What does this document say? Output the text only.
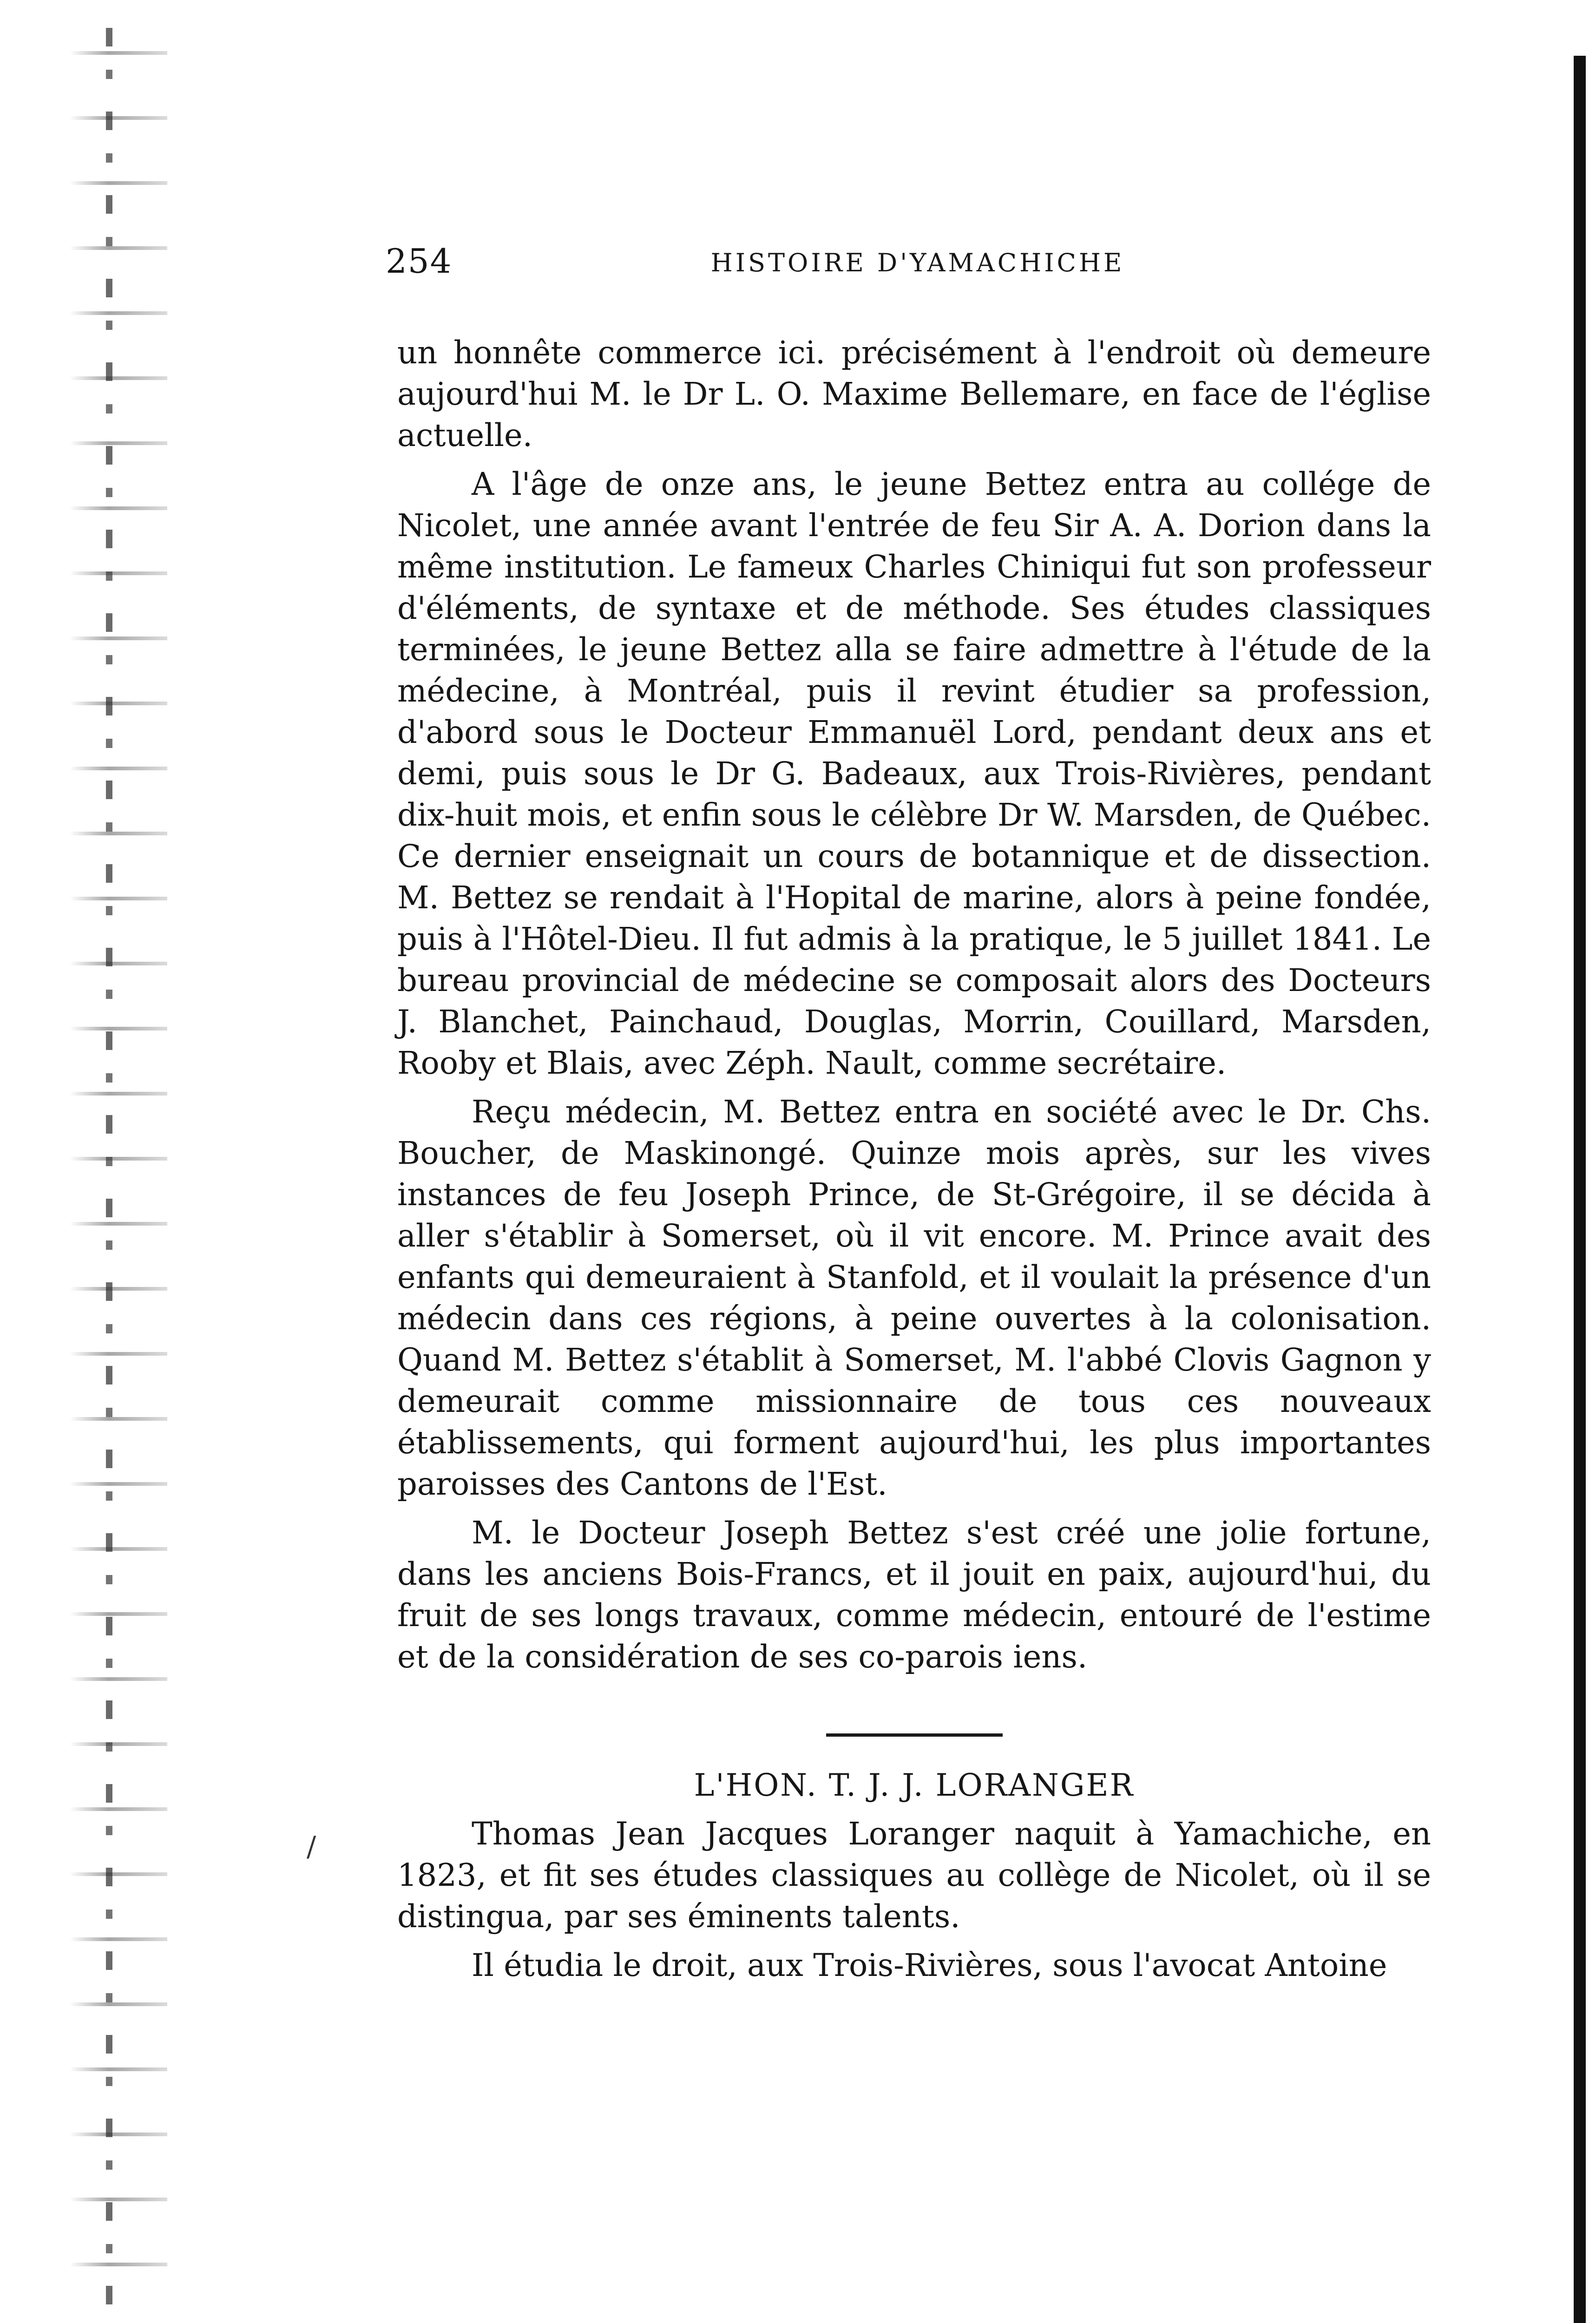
254	HISTOIRE D'YAMACHICHE

un honnête commerce ici. précisément à l'endroit où demeure aujourd'hui M. le Dr L. O. Maxime Bellemare, en face de l'église actuelle.

A l'âge de onze ans, le jeune Bettez entra au collége de Nicolet, une année avant l'entrée de feu Sir A. A. Dorion dans la même institution. Le fameux Charles Chiniqui fut son professeur d'éléments, de syntaxe et de méthode. Ses études classiques terminées, le jeune Bettez alla se faire admettre à l'étude de la médecine, à Montréal, puis il revint étudier sa profession, d'abord sous le Docteur Emmanuël Lord, pendant deux ans et demi, puis sous le Dr G. Badeaux, aux Trois-Rivières, pendant dix-huit mois, et enfin sous le célèbre Dr W. Marsden, de Québec. Ce dernier enseignait un cours de botannique et de dissection. M. Bettez se rendait à l'Hopital de marine, alors à peine fondée, puis à l'Hôtel-Dieu. Il fut admis à la pratique, le 5 juillet 1841. Le bureau provincial de médecine se composait alors des Docteurs J. Blanchet, Painchaud, Douglas, Morrin, Couillard, Marsden, Rooby et Blais, avec Zéph. Nault, comme secrétaire.

Reçu médecin, M. Bettez entra en société avec le Dr. Chs. Boucher, de Maskinongé. Quinze mois après, sur les vives instances de feu Joseph Prince, de St-Grégoire, il se décida à aller s'établir à Somerset, où il vit encore. M. Prince avait des enfants qui demeuraient à Stanfold, et il voulait la présence d'un médecin dans ces régions, à peine ouvertes à la colonisation. Quand M. Bettez s'établit à Somerset, M. l'abbé Clovis Gagnon y demeurait comme missionnaire de tous ces nouveaux établissements, qui forment aujourd'hui, les plus importantes paroisses des Cantons de l'Est.

M. le Docteur Joseph Bettez s'est créé une jolie fortune, dans les anciens Bois-Francs, et il jouit en paix, aujourd'hui, du fruit de ses longs travaux, comme médecin, entouré de l'estime et de la considération de ses co-parois iens.

L'HON. T. J. J. LORANGER

Thomas Jean Jacques Loranger naquit à Yamachiche, en 1823, et fit ses études classiques au collège de Nicolet, où il se distingua, par ses éminents talents.

Il étudia le droit, aux Trois-Rivières, sous l'avocat Antoine

/
